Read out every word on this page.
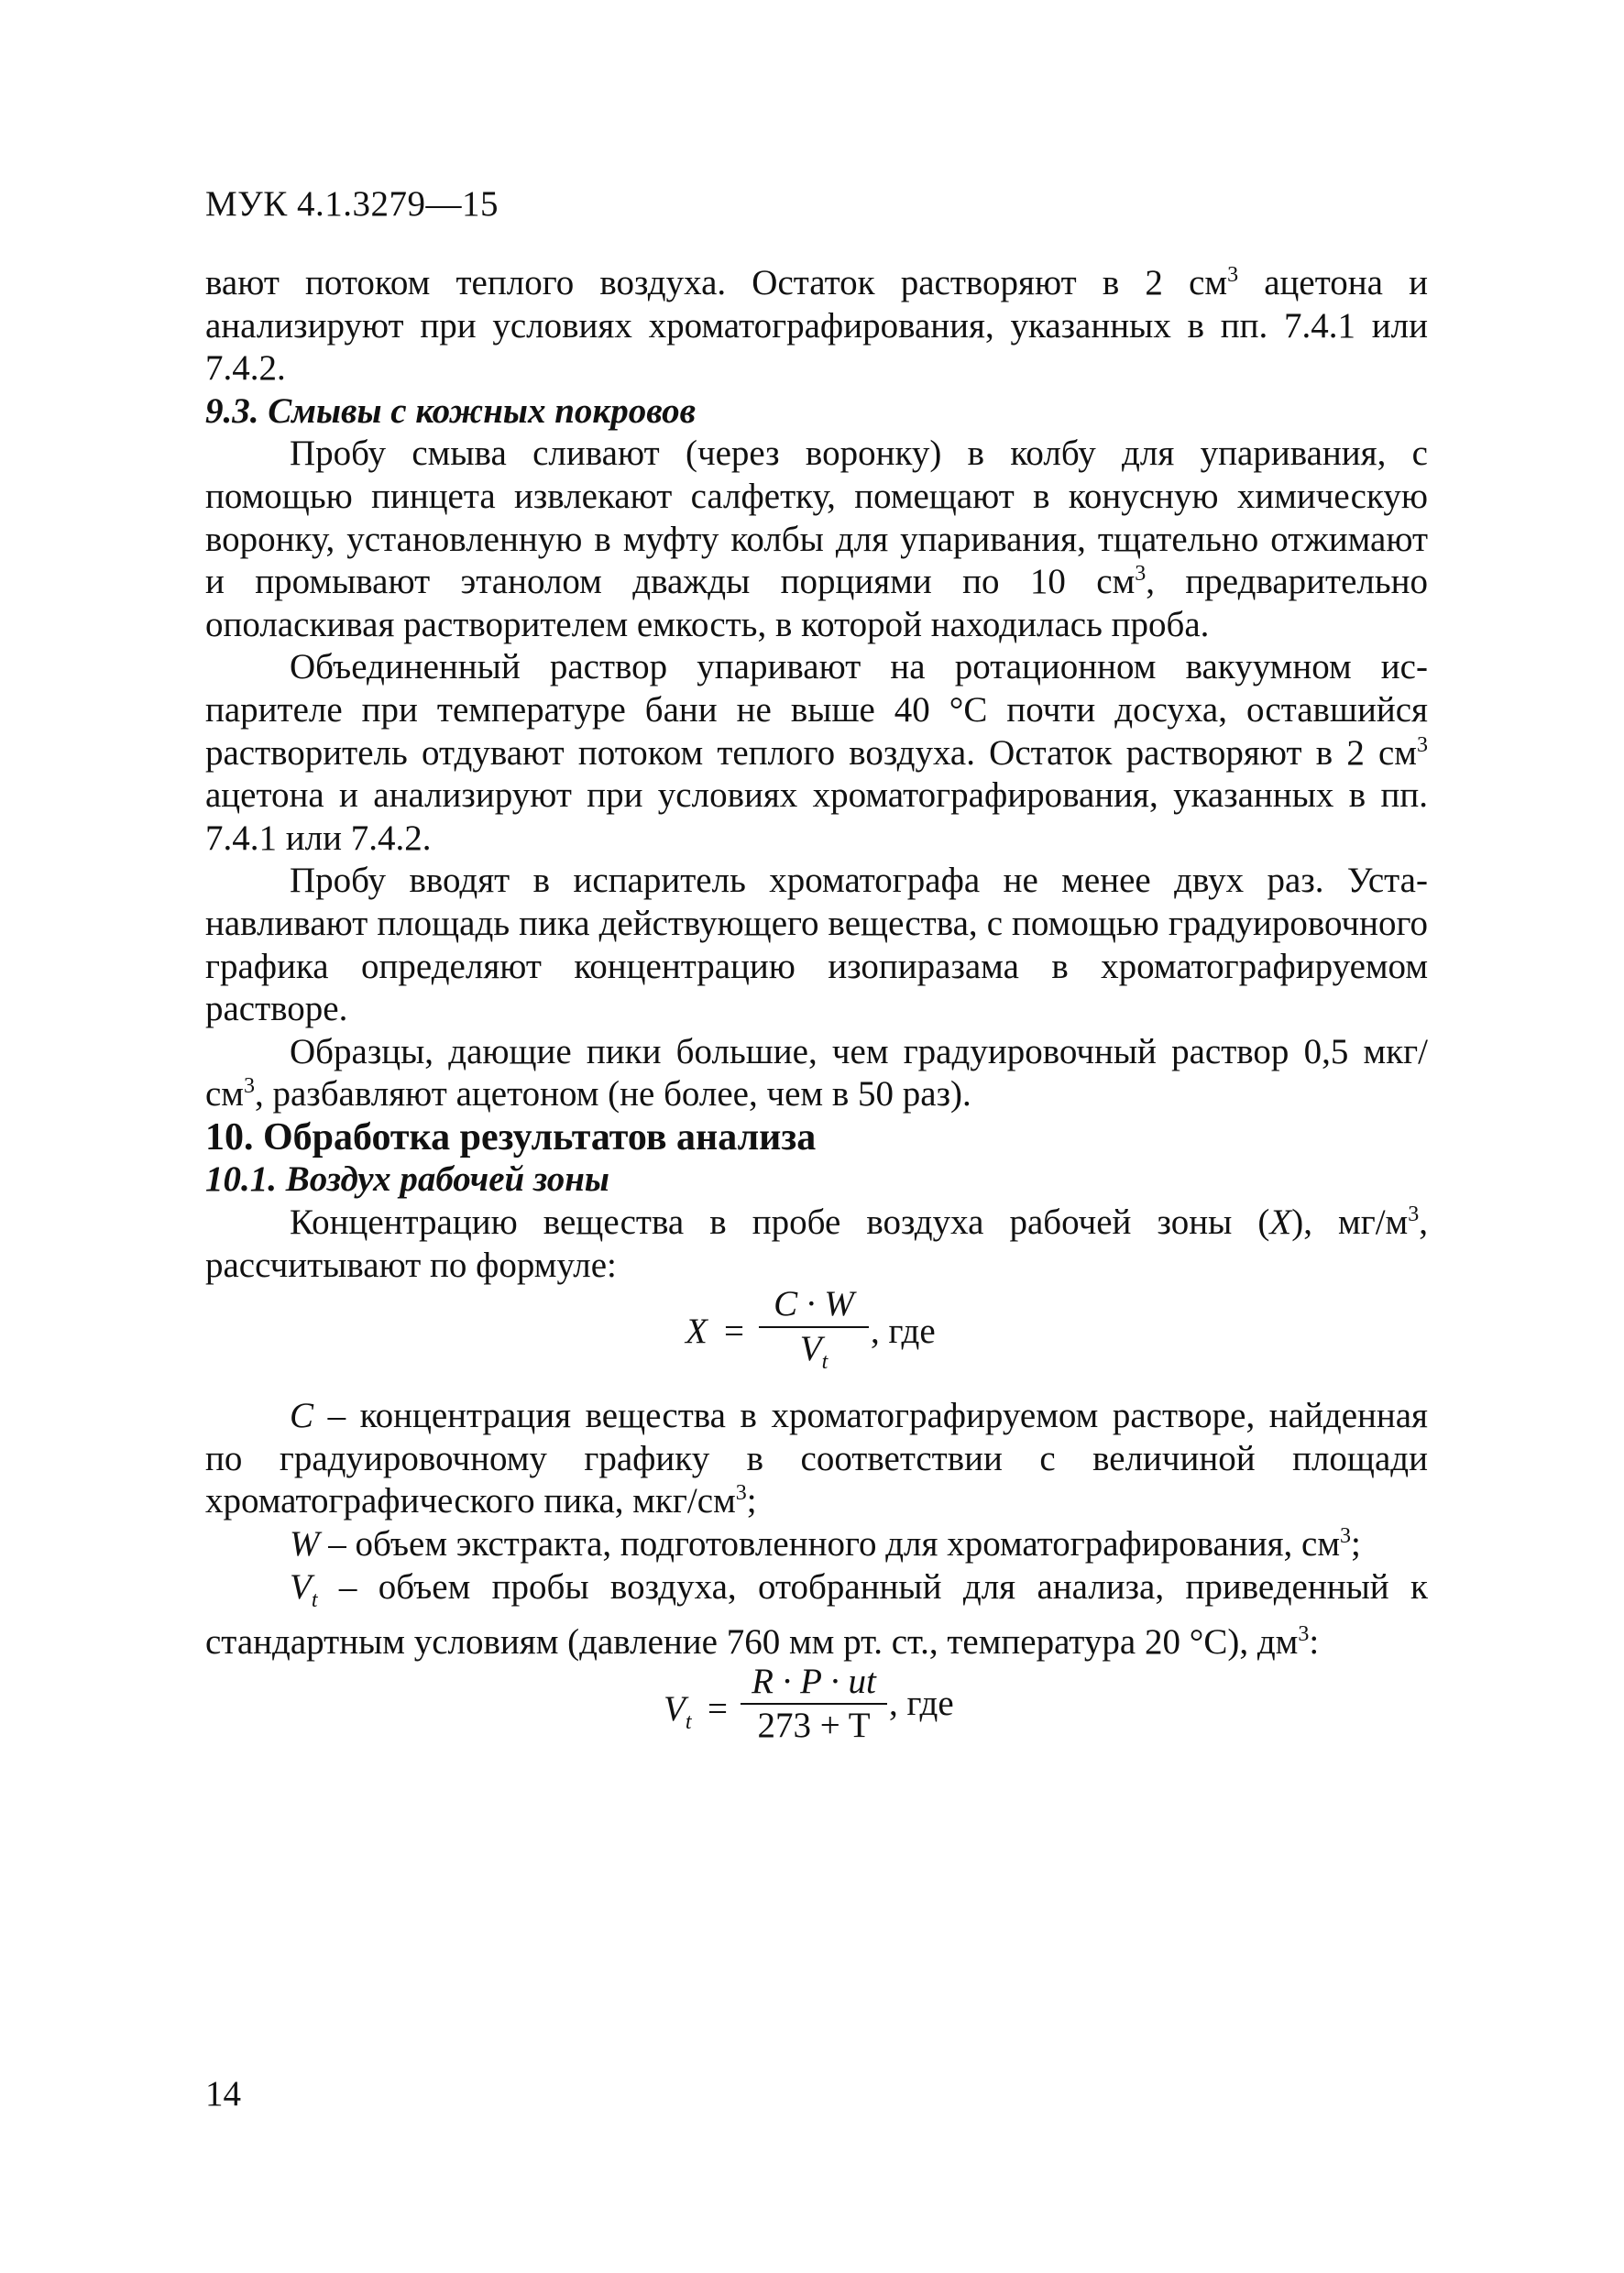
МУК 4.1.3279—15

вают потоком теплого воздуха. Остаток растворяют в 2 $см^3$ ацетона и анализируют при условиях хроматографирования, указанных в пп. 7.4.1 или 7.4.2.

9.3. Смывы с кожных покровов

Пробу смыва сливают (через воронку) в колбу для упаривания, с помощью пинцета извлекают салфетку, помещают в конусную химическую воронку, установленную в муфту колбы для упаривания, тщательно отжимают и промывают этанолом дважды порциями по 10 $см^3$, предварительно ополаскивая растворителем емкость, в которой находилась проба.

Объединенный раствор упаривают на ротационном вакуумном испарителе при температуре бани не выше 40 °С почти досуха, оставшийся растворитель отдувают потоком теплого воздуха. Остаток растворяют в 2 $см^3$ ацетона и анализируют при условиях хроматографирования, указанных в пп. 7.4.1 или 7.4.2.

Пробу вводят в испаритель хроматографа не менее двух раз. Устанавливают площадь пика действующего вещества, с помощью градуировочного графика определяют концентрацию изопиразама в хроматографируемом растворе.

Образцы, дающие пики большие, чем градуировочный раствор 0,5 мкг/$см^3$, разбавляют ацетоном (не более, чем в 50 раз).

10. Обработка результатов анализа

10.1. Воздух рабочей зоны

Концентрацию вещества в пробе воздуха рабочей зоны (X), $мг/м^3$, рассчитывают по формуле:

X =
C · W
$V_t$
, где

C – концентрация вещества в хроматографируемом растворе, найденная по градуировочному графику в соответствии с величиной площади хроматографического пика, мкг/$см^3$;

W – объем экстракта, подготовленного для хроматографирования, $см^3$;

$V_t$ – объем пробы воздуха, отобранный для анализа, приведенный к стандартным условиям (давление 760 мм рт. ст., температура 20 °С), $дм^3$:

$V_t$ =
R · P · ut
273 + T
, где
14
